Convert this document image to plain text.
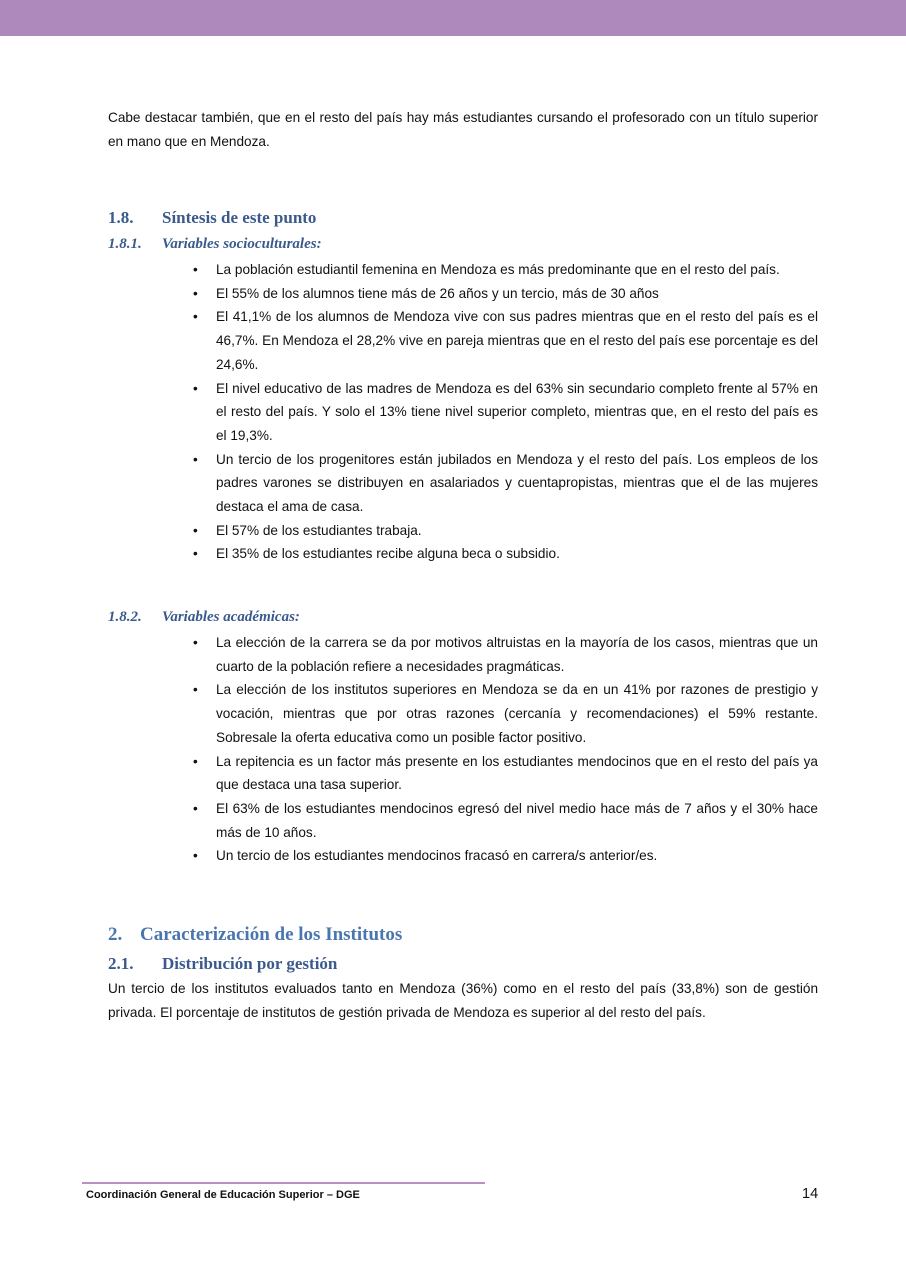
Cabe destacar también, que en el resto del país hay más estudiantes cursando el profesorado con un título superior en mano que en Mendoza.

1.8. Síntesis de este punto
1.8.1. Variables socioculturales:
• La población estudiantil femenina en Mendoza es más predominante que en el resto del país.
• El 55% de los alumnos tiene más de 26 años y un tercio, más de 30 años
• El 41,1% de los alumnos de Mendoza vive con sus padres mientras que en el resto del país es el 46,7%. En Mendoza el 28,2% vive en pareja mientras que en el resto del país ese porcentaje es del 24,6%.
• El nivel educativo de las madres de Mendoza es del 63% sin secundario completo frente al 57% en el resto del país. Y solo el 13% tiene nivel superior completo, mientras que, en el resto del país es el 19,3%.
• Un tercio de los progenitores están jubilados en Mendoza y el resto del país. Los empleos de los padres varones se distribuyen en asalariados y cuentapropistas, mientras que el de las mujeres destaca el ama de casa.
• El 57% de los estudiantes trabaja.
• El 35% de los estudiantes recibe alguna beca o subsidio.
1.8.2. Variables académicas:
• La elección de la carrera se da por motivos altruistas en la mayoría de los casos, mientras que un cuarto de la población refiere a necesidades pragmáticas.
• La elección de los institutos superiores en Mendoza se da en un 41% por razones de prestigio y vocación, mientras que por otras razones (cercanía y recomendaciones) el 59% restante. Sobresale la oferta educativa como un posible factor positivo.
• La repitencia es un factor más presente en los estudiantes mendocinos que en el resto del país ya que destaca una tasa superior.
• El 63% de los estudiantes mendocinos egresó del nivel medio hace más de 7 años y el 30% hace más de 10 años.
• Un tercio de los estudiantes mendocinos fracasó en carrera/s anterior/es.
2. Caracterización de los Institutos
2.1. Distribución por gestión

Un tercio de los institutos evaluados tanto en Mendoza (36%) como en el resto del país (33,8%) son de gestión privada. El porcentaje de institutos de gestión privada de Mendoza es superior al del resto del país.

Coordinación General de Educación Superior – DGE	14
